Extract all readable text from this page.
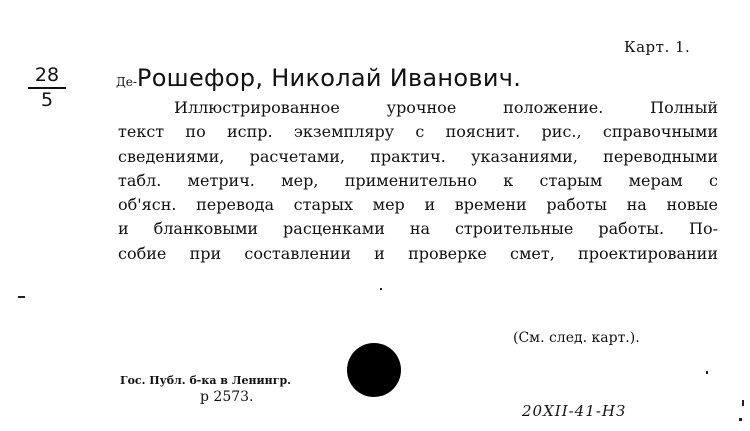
Карт. 1.
$\frac{28}{5}$	Де-Рошефор, Николай Иванович.
Иллюстрированное урочное положение. Полный
текст по испр. экземпляру с пояснит. рис., справочными
сведениями, расчетами, практич. указаниями, переводными
табл. метрич. мер, применительно к старым мерам с
об'ясн. перевода старых мер и времени работы на новые
и бланковыми расценками на строительные работы. По-
собие при составлении и проверке смет, проектировании
(См. след. карт.).
Гос. Публ. б-ка в Ленингр.
р 2573.
20XII-41-НЗ
